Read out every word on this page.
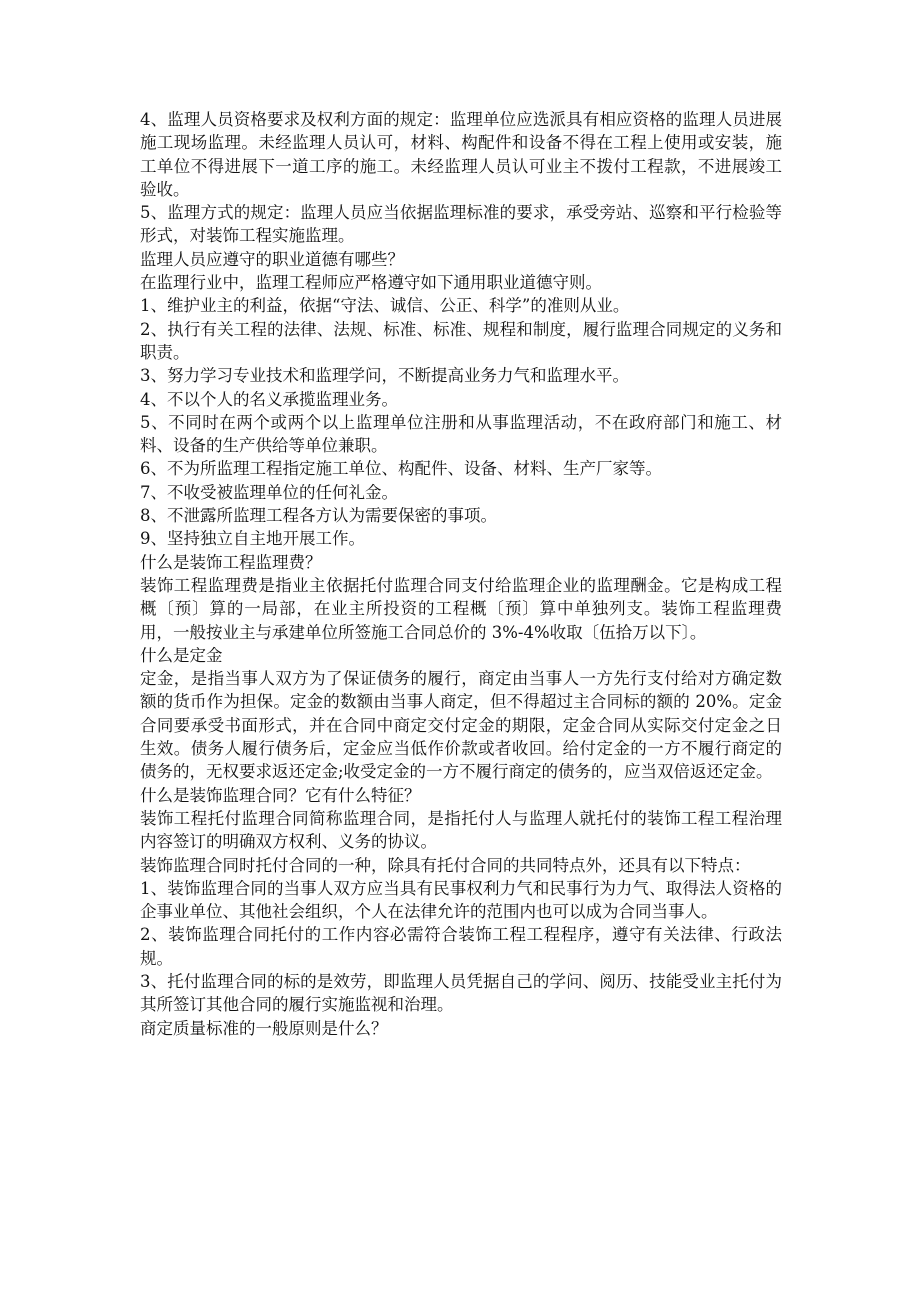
4、监理人员资格要求及权利方面的规定：监理单位应选派具有相应资格的监理人员进展施工现场监理。未经监理人员认可，材料、构配件和设备不得在工程上使用或安装，施工单位不得进展下一道工序的施工。未经监理人员认可业主不拨付工程款，不进展竣工验收。

5、监理方式的规定：监理人员应当依据监理标准的要求，承受旁站、巡察和平行检验等形式，对装饰工程实施监理。

监理人员应遵守的职业道德有哪些？

在监理行业中，监理工程师应严格遵守如下通用职业道德守则。

1、维护业主的利益，依据“守法、诚信、公正、科学”的准则从业。

2、执行有关工程的法律、法规、标准、标准、规程和制度，履行监理合同规定的义务和职责。

3、努力学习专业技术和监理学问，不断提高业务力气和监理水平。

4、不以个人的名义承揽监理业务。

5、不同时在两个或两个以上监理单位注册和从事监理活动，不在政府部门和施工、材料、设备的生产供给等单位兼职。

6、不为所监理工程指定施工单位、构配件、设备、材料、生产厂家等。

7、不收受被监理单位的任何礼金。

8、不泄露所监理工程各方认为需要保密的事项。

9、坚持独立自主地开展工作。

什么是装饰工程监理费？

装饰工程监理费是指业主依据托付监理合同支付给监理企业的监理酬金。它是构成工程概〔预〕算的一局部，在业主所投资的工程概〔预〕算中单独列支。装饰工程监理费用，一般按业主与承建单位所签施工合同总价的 3%-4%收取〔伍拾万以下〕。

什么是定金

定金，是指当事人双方为了保证债务的履行，商定由当事人一方先行支付给对方确定数额的货币作为担保。定金的数额由当事人商定，但不得超过主合同标的额的 20%。定金合同要承受书面形式，并在合同中商定交付定金的期限，定金合同从实际交付定金之日生效。债务人履行债务后，定金应当低作价款或者收回。给付定金的一方不履行商定的债务的，无权要求返还定金;收受定金的一方不履行商定的债务的，应当双倍返还定金。

什么是装饰监理合同？它有什么特征？

装饰工程托付监理合同简称监理合同，是指托付人与监理人就托付的装饰工程工程治理内容签订的明确双方权利、义务的协议。

装饰监理合同时托付合同的一种，除具有托付合同的共同特点外，还具有以下特点：

1、装饰监理合同的当事人双方应当具有民事权利力气和民事行为力气、取得法人资格的企事业单位、其他社会组织，个人在法律允许的范围内也可以成为合同当事人。

2、装饰监理合同托付的工作内容必需符合装饰工程工程程序，遵守有关法律、行政法规。

3、托付监理合同的标的是效劳，即监理人员凭据自己的学问、阅历、技能受业主托付为其所签订其他合同的履行实施监视和治理。

商定质量标准的一般原则是什么？
